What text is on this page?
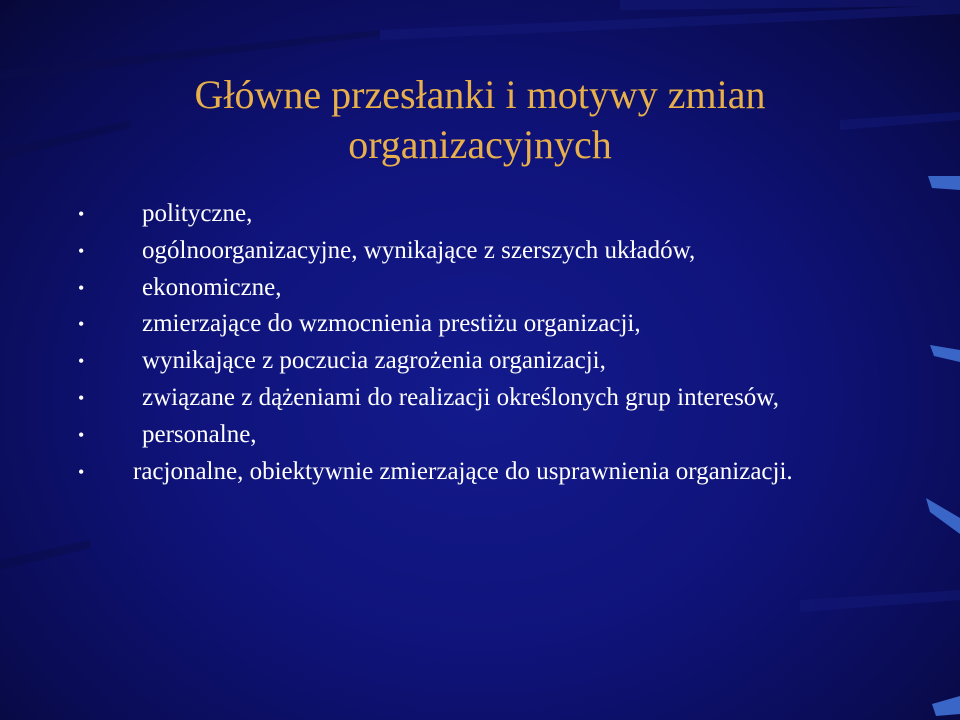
Główne przesłanki i motywy zmian
organizacyjnych
•	polityczne,
•	ogólnoorganizacyjne, wynikające z szerszych układów,
•	ekonomiczne,
•	zmierzające do wzmocnienia prestiżu organizacji,
•	wynikające z poczucia zagrożenia organizacji,
•	związane z dążeniami do realizacji określonych grup interesów,
•	personalne,
•	racjonalne, obiektywnie zmierzające do usprawnienia organizacji.
